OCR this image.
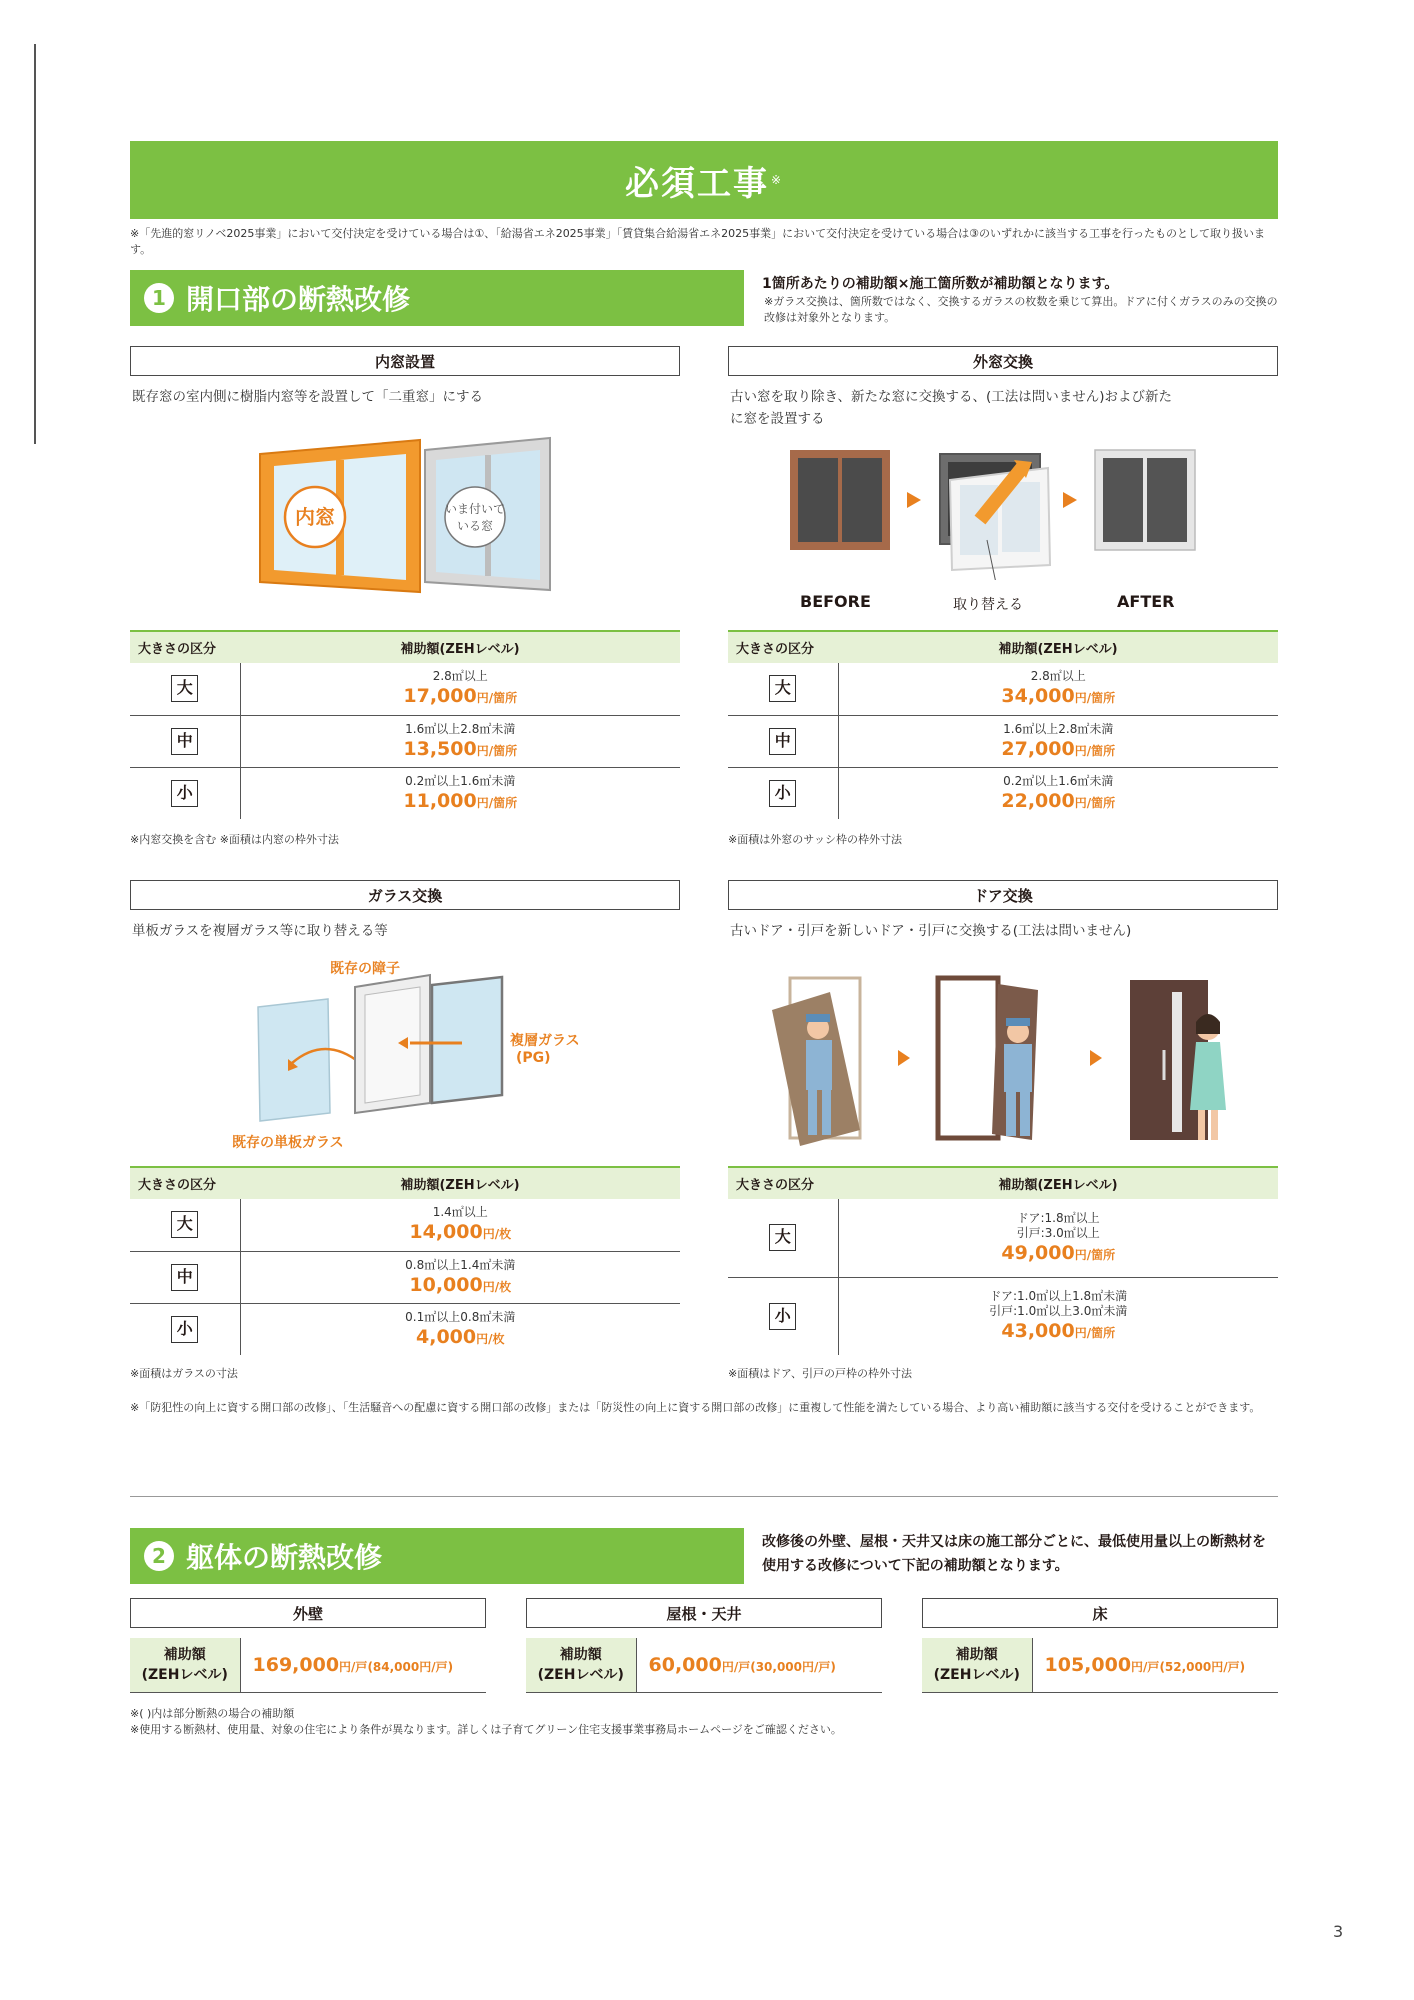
必須工事 ※
※「先進的窓リノベ2025事業」において交付決定を受けている場合は①、「給湯省エネ2025事業」「賃貸集合給湯省エネ2025事業」において交付決定を受けている場合は③のいずれかに該当する工事を行ったものとして取り扱います。
1 開口部の断熱改修	1箇所あたりの補助額×施工箇所数が補助額となります。
※ガラス交換は、箇所数ではなく、交換するガラスの枚数を乗じて算出。ドアに付くガラスのみの交換の改修は対象外となります。
内窓設置
既存窓の室内側に樹脂内窓等を設置して「二重窓」にする
内窓	いま付いて
いる窓
大きさの区分	補助額(ZEHレベル)
大	2.8㎡以上
17,000円/箇所
中	1.6㎡以上2.8㎡未満
13,500円/箇所
小	0.2㎡以上1.6㎡未満
11,000円/箇所
※内窓交換を含む ※面積は内窓の枠外寸法
外窓交換
古い窓を取り除き、新たな窓に交換する、(工法は問いません)および新たに窓を設置する
BEFORE	取り替える	AFTER
大きさの区分	補助額(ZEHレベル)
大	2.8㎡以上
34,000円/箇所
中	1.6㎡以上2.8㎡未満
27,000円/箇所
小	0.2㎡以上1.6㎡未満
22,000円/箇所
※面積は外窓のサッシ枠の枠外寸法
ガラス交換
単板ガラスを複層ガラス等に取り替える等
既存の障子
複層ガラス
(PG)
既存の単板ガラス
大きさの区分	補助額(ZEHレベル)
大	1.4㎡以上
14,000円/枚
中	0.8㎡以上1.4㎡未満
10,000円/枚
小	0.1㎡以上0.8㎡未満
4,000円/枚
※面積はガラスの寸法
ドア交換
古いドア・引戸を新しいドア・引戸に交換する(工法は問いません)
大きさの区分	補助額(ZEHレベル)
大	ドア:1.8㎡以上
引戸:3.0㎡以上
49,000円/箇所
小	ドア:1.0㎡以上1.8㎡未満
引戸:1.0㎡以上3.0㎡未満
43,000円/箇所
※面積はドア、引戸の戸枠の枠外寸法
※「防犯性の向上に資する開口部の改修」、「生活騒音への配慮に資する開口部の改修」または「防災性の向上に資する開口部の改修」に重複して性能を満たしている場合、より高い補助額に該当する交付を受けることができます。
2 躯体の断熱改修	改修後の外壁、屋根・天井又は床の施工部分ごとに、最低使用量以上の断熱材を使用する改修について下記の補助額となります。
外壁
補助額
(ZEHレベル)	169,000円/戸(84,000円/戸)
屋根・天井
補助額
(ZEHレベル)	60,000円/戸(30,000円/戸)
床
補助額
(ZEHレベル)	105,000円/戸(52,000円/戸)
※( )内は部分断熱の場合の補助額
※使用する断熱材、使用量、対象の住宅により条件が異なります。詳しくは子育てグリーン住宅支援事業事務局ホームページをご確認ください。
3
